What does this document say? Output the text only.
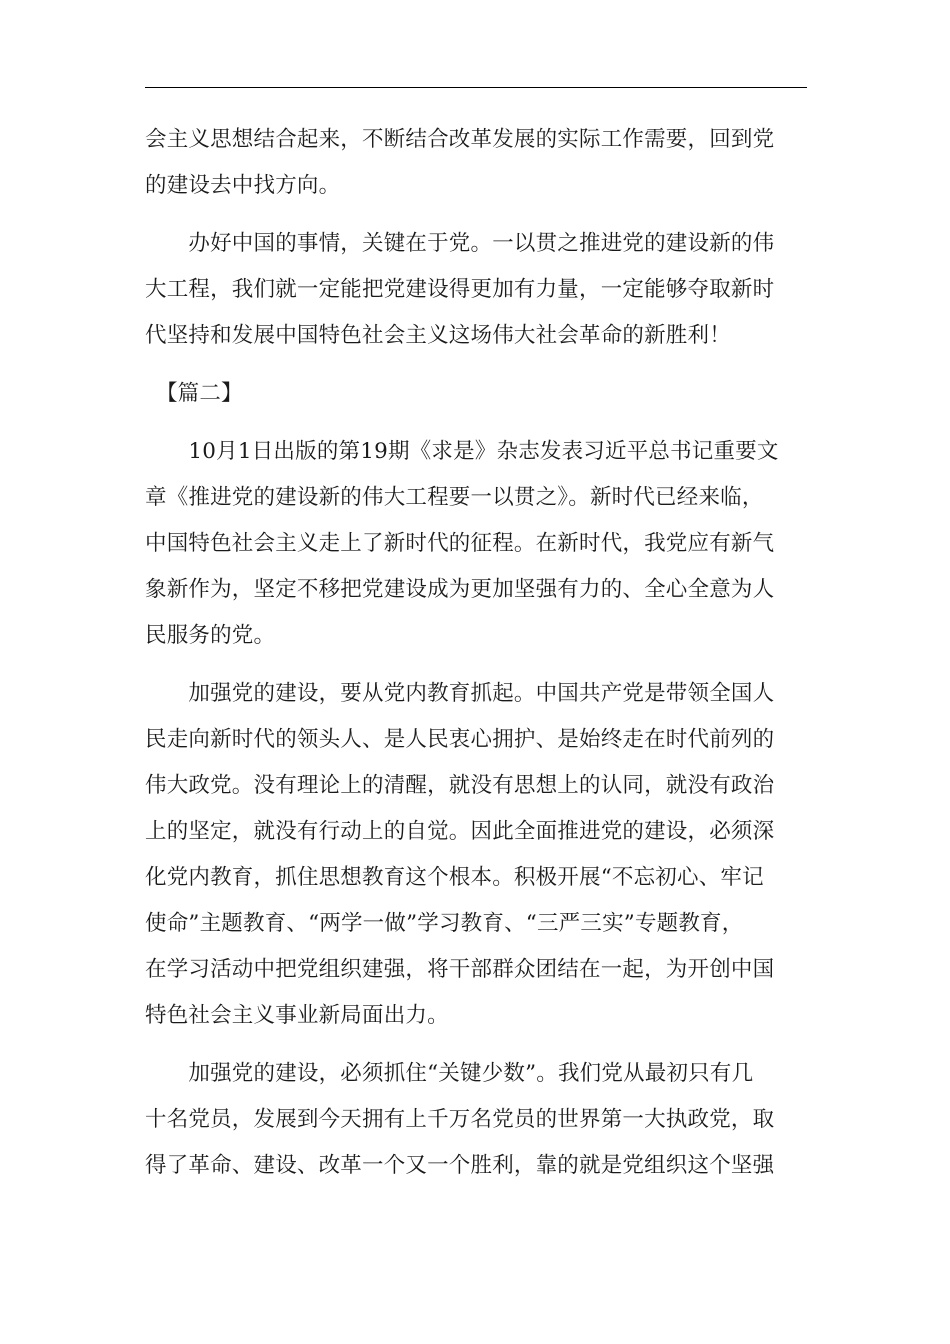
会主义思想结合起来，不断结合改革发展的实际工作需要，回到党
的建设去中找方向。
　　办好中国的事情，关键在于党。一以贯之推进党的建设新的伟
大工程，我们就一定能把党建设得更加有力量，一定能够夺取新时
代坚持和发展中国特色社会主义这场伟大社会革命的新胜利！
　【篇二】
　　10月1日出版的第19期《求是》杂志发表习近平总书记重要文
章《推进党的建设新的伟大工程要一以贯之》。新时代已经来临，
中国特色社会主义走上了新时代的征程。在新时代，我党应有新气
象新作为，坚定不移把党建设成为更加坚强有力的、全心全意为人
民服务的党。
　　加强党的建设，要从党内教育抓起。中国共产党是带领全国人
民走向新时代的领头人、是人民衷心拥护、是始终走在时代前列的
伟大政党。没有理论上的清醒，就没有思想上的认同，就没有政治
上的坚定，就没有行动上的自觉。因此全面推进党的建设，必须深
化党内教育，抓住思想教育这个根本。积极开展“不忘初心、牢记
使命”主题教育、“两学一做”学习教育、“三严三实”专题教育，
在学习活动中把党组织建强，将干部群众团结在一起，为开创中国
特色社会主义事业新局面出力。
　　加强党的建设，必须抓住“关键少数”。我们党从最初只有几
十名党员，发展到今天拥有上千万名党员的世界第一大执政党，取
得了革命、建设、改革一个又一个胜利，靠的就是党组织这个坚强
